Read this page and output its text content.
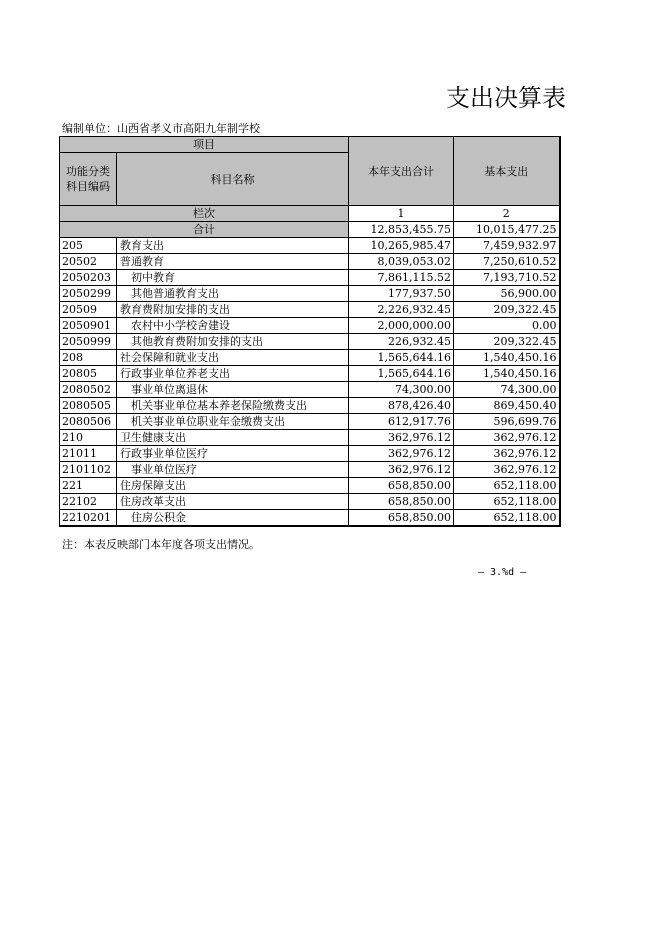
支出决算表
编制单位：山西省孝义市高阳九年制学校
项目		本年支出合计	基本支出
功能分类
科目编码	科目名称		
栏次		1	2
合计		12,853,455.75	10,015,477.25
205	教育支出	10,265,985.47	7,459,932.97
20502	普通教育	8,039,053.02	7,250,610.52
2050203	初中教育	7,861,115.52	7,193,710.52
2050299	其他普通教育支出	177,937.50	56,900.00
20509	教育费附加安排的支出	2,226,932.45	209,322.45
2050901	农村中小学校舍建设	2,000,000.00	0.00
2050999	其他教育费附加安排的支出	226,932.45	209,322.45
208	社会保障和就业支出	1,565,644.16	1,540,450.16
20805	行政事业单位养老支出	1,565,644.16	1,540,450.16
2080502	事业单位离退休	74,300.00	74,300.00
2080505	机关事业单位基本养老保险缴费支出	878,426.40	869,450.40
2080506	机关事业单位职业年金缴费支出	612,917.76	596,699.76
210	卫生健康支出	362,976.12	362,976.12
21011	行政事业单位医疗	362,976.12	362,976.12
2101102	事业单位医疗	362,976.12	362,976.12
221	住房保障支出	658,850.00	652,118.00
22102	住房改革支出	658,850.00	652,118.00
2210201	住房公积金	658,850.00	652,118.00
注：本表反映部门本年度各项支出情况。
— 3.%d —
